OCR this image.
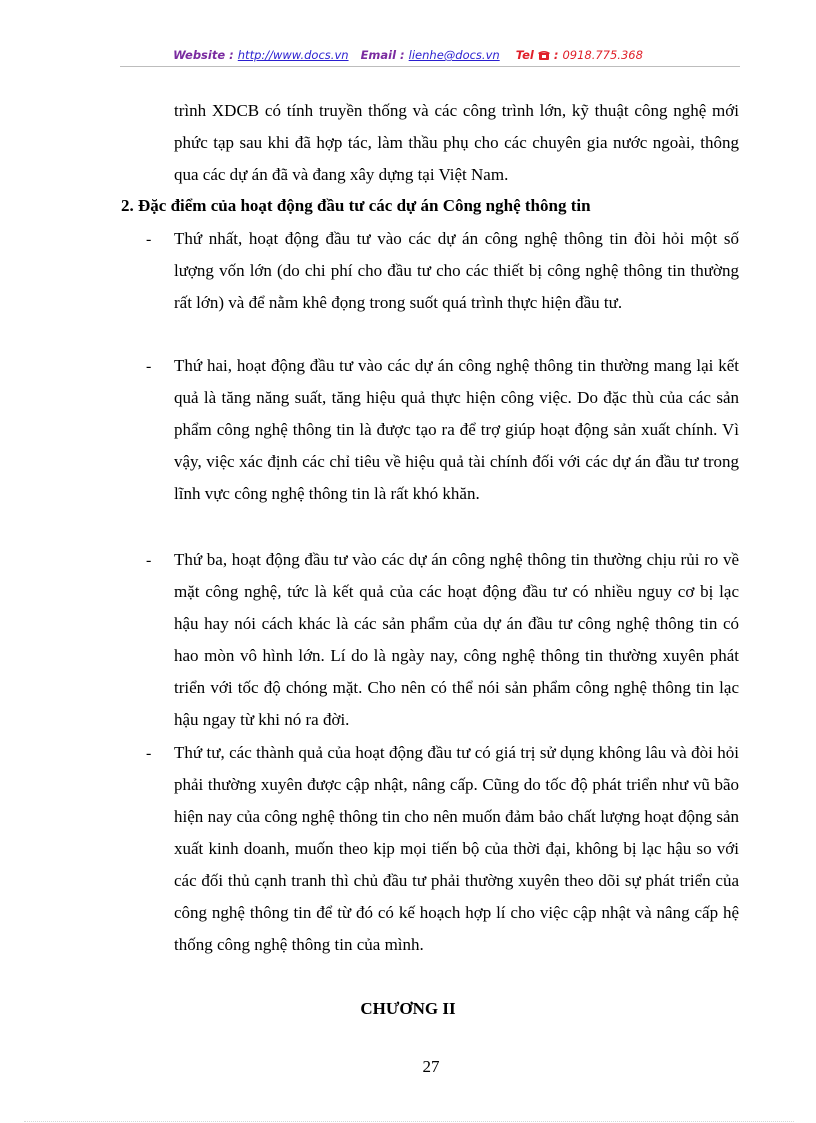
Website : http://www.docs.vn Email : lienhe@docs.vn Tel  : 0918.775.368
trình XDCB có tính truyền thống và các công trình lớn, kỹ thuật công nghệ mới phức tạp sau khi đã hợp tác, làm thầu phụ cho các chuyên gia nước ngoài, thông qua các dự án đã và đang xây dựng tại Việt Nam.
2. Đặc điểm của hoạt động đầu tư các dự án Công nghệ thông tin
- Thứ nhất, hoạt động đầu tư vào các dự án công nghệ thông tin đòi hỏi một số lượng vốn lớn (do chi phí cho đầu tư cho các thiết bị công nghệ thông tin thường rất lớn) và để nằm khê đọng trong suốt quá trình thực hiện đầu tư.
- Thứ hai, hoạt động đầu tư vào các dự án công nghệ thông tin thường mang lại kết quả là tăng năng suất, tăng hiệu quả thực hiện công việc. Do đặc thù của các sản phẩm công nghệ thông tin là được tạo ra để trợ giúp hoạt động sản xuất chính. Vì vậy, việc xác định các chỉ tiêu về hiệu quả tài chính đối với các dự án đầu tư trong lĩnh vực công nghệ thông tin là rất khó khăn.
- Thứ ba, hoạt động đầu tư vào các dự án công nghệ thông tin thường chịu rủi ro về mặt công nghệ, tức là kết quả của các hoạt động đầu tư có nhiều nguy cơ bị lạc hậu hay nói cách khác là các sản phẩm của dự án đầu tư công nghệ thông tin có hao mòn vô hình lớn. Lí do là ngày nay, công nghệ thông tin thường xuyên phát triển với tốc độ chóng mặt. Cho nên có thể nói sản phẩm công nghệ thông tin lạc hậu ngay từ khi nó ra đời.
- Thứ tư, các thành quả của hoạt động đầu tư có giá trị sử dụng không lâu và đòi hỏi phải thường xuyên được cập nhật, nâng cấp. Cũng do tốc độ phát triển như vũ bão hiện nay của công nghệ thông tin cho nên muốn đảm bảo chất lượng hoạt động sản xuất kinh doanh, muốn theo kịp mọi tiến bộ của thời đại, không bị lạc hậu so với các đối thủ cạnh tranh thì chủ đầu tư phải thường xuyên theo dõi sự phát triển của công nghệ thông tin để từ đó có kế hoạch hợp lí cho việc cập nhật và nâng cấp hệ thống công nghệ thông tin của mình.
CHƯƠNG II
27
